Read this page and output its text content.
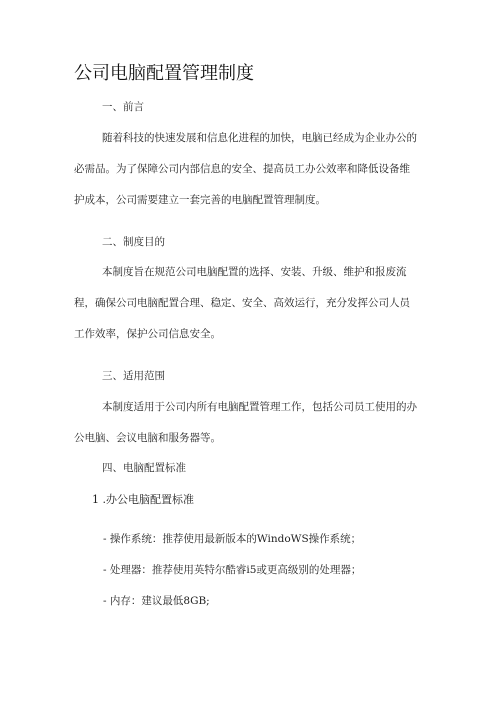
公司电脑配置管理制度
一、前言
随着科技的快速发展和信息化进程的加快，电脑已经成为企业办公的
必需品。为了保障公司内部信息的安全、提高员工办公效率和降低设备维
护成本，公司需要建立一套完善的电脑配置管理制度。
二、制度目的
本制度旨在规范公司电脑配置的选择、安装、升级、维护和报废流
程，确保公司电脑配置合理、稳定、安全、高效运行，充分发挥公司人员
工作效率，保护公司信息安全。
三、适用范围
本制度适用于公司内所有电脑配置管理工作，包括公司员工使用的办
公电脑、会议电脑和服务器等。
四、电脑配置标准
1 .办公电脑配置标准
- 操作系统：推荐使用最新版本的WindoWS操作系统；
- 处理器：推荐使用英特尔酷睿i5或更高级别的处理器；
- 内存：建议最低8GB;
